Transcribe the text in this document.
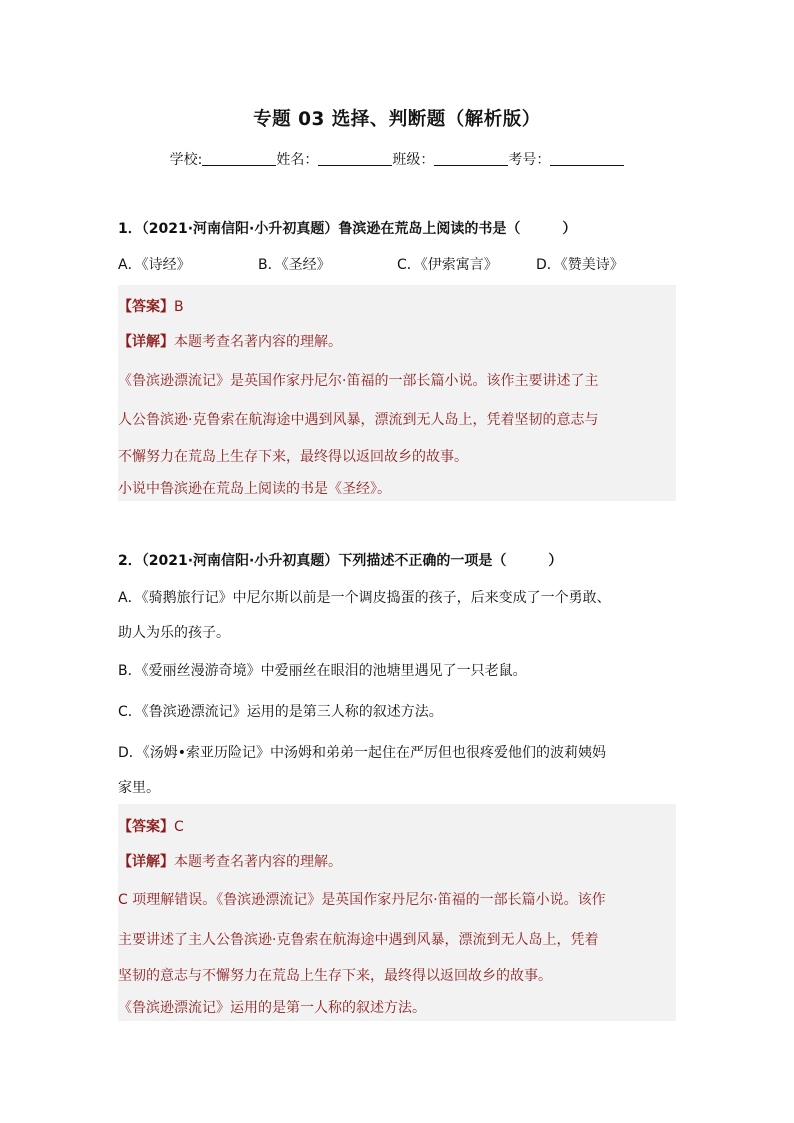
专题 03 选择、判断题（解析版）
学校:	姓名：	班级：	考号：
1．（2021·河南信阳·小升初真题）鲁滨逊在荒岛上阅读的书是（　　　）
A．《诗经》	B．《圣经》	C．《伊索寓言》	D．《赞美诗》
【答案】B
【详解】本题考查名著内容的理解。
《鲁滨逊漂流记》是英国作家丹尼尔·笛福的一部长篇小说。该作主要讲述了主
人公鲁滨逊·克鲁索在航海途中遇到风暴，漂流到无人岛上，凭着坚韧的意志与
不懈努力在荒岛上生存下来，最终得以返回故乡的故事。
小说中鲁滨逊在荒岛上阅读的书是《圣经》。
2．（2021·河南信阳·小升初真题）下列描述不正确的一项是（　　　）
A．《骑鹅旅行记》中尼尔斯以前是一个调皮捣蛋的孩子，后来变成了一个勇敢、
助人为乐的孩子。
B．《爱丽丝漫游奇境》中爱丽丝在眼泪的池塘里遇见了一只老鼠。
C．《鲁滨逊漂流记》运用的是第三人称的叙述方法。
D．《汤姆•索亚历险记》中汤姆和弟弟一起住在严厉但也很疼爱他们的波莉姨妈
家里。
【答案】C
【详解】本题考查名著内容的理解。
C 项理解错误。《鲁滨逊漂流记》是英国作家丹尼尔·笛福的一部长篇小说。该作
主要讲述了主人公鲁滨逊·克鲁索在航海途中遇到风暴，漂流到无人岛上，凭着
坚韧的意志与不懈努力在荒岛上生存下来，最终得以返回故乡的故事。
《鲁滨逊漂流记》运用的是第一人称的叙述方法。
